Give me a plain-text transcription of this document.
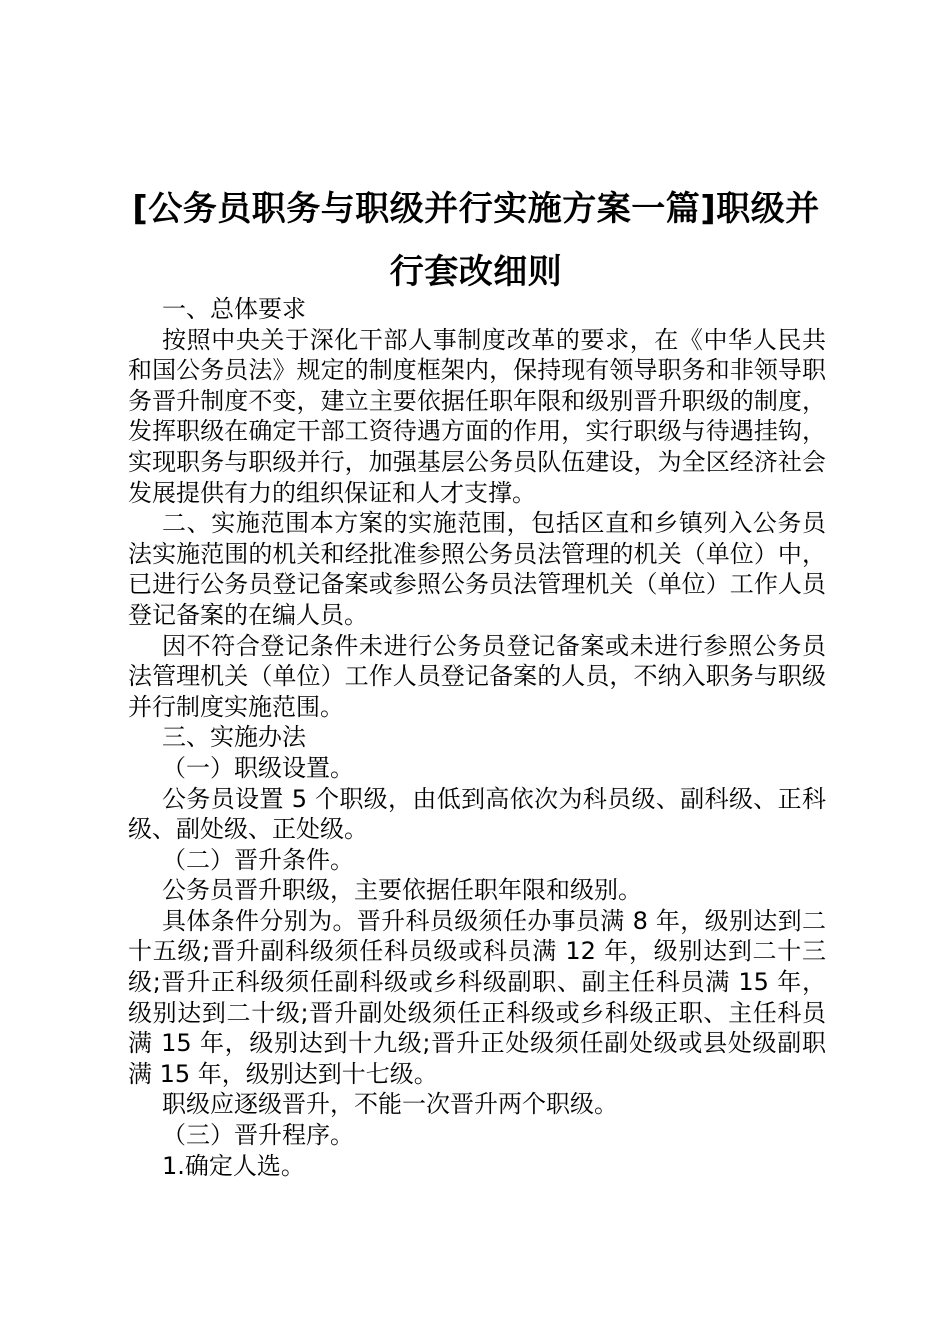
[公务员职务与职级并行实施方案一篇]职级并
行套改细则

一、总体要求

按照中央关于深化干部人事制度改革的要求，在《中华人民共和国公务员法》规定的制度框架内，保持现有领导职务和非领导职务晋升制度不变，建立主要依据任职年限和级别晋升职级的制度，发挥职级在确定干部工资待遇方面的作用，实行职级与待遇挂钩，实现职务与职级并行，加强基层公务员队伍建设，为全区经济社会发展提供有力的组织保证和人才支撑。

二、实施范围本方案的实施范围，包括区直和乡镇列入公务员法实施范围的机关和经批准参照公务员法管理的机关（单位）中，已进行公务员登记备案或参照公务员法管理机关（单位）工作人员登记备案的在编人员。

因不符合登记条件未进行公务员登记备案或未进行参照公务员法管理机关（单位）工作人员登记备案的人员，不纳入职务与职级并行制度实施范围。

三、实施办法

（一）职级设置。

公务员设置 5 个职级，由低到高依次为科员级、副科级、正科级、副处级、正处级。

（二）晋升条件。

公务员晋升职级，主要依据任职年限和级别。

具体条件分别为。晋升科员级须任办事员满 8 年，级别达到二十五级;晋升副科级须任科员级或科员满 12 年，级别达到二十三级;晋升正科级须任副科级或乡科级副职、副主任科员满 15 年，级别达到二十级;晋升副处级须任正科级或乡科级正职、主任科员满 15 年，级别达到十九级;晋升正处级须任副处级或县处级副职满 15 年，级别达到十七级。

职级应逐级晋升，不能一次晋升两个职级。

（三）晋升程序。

1.确定人选。
